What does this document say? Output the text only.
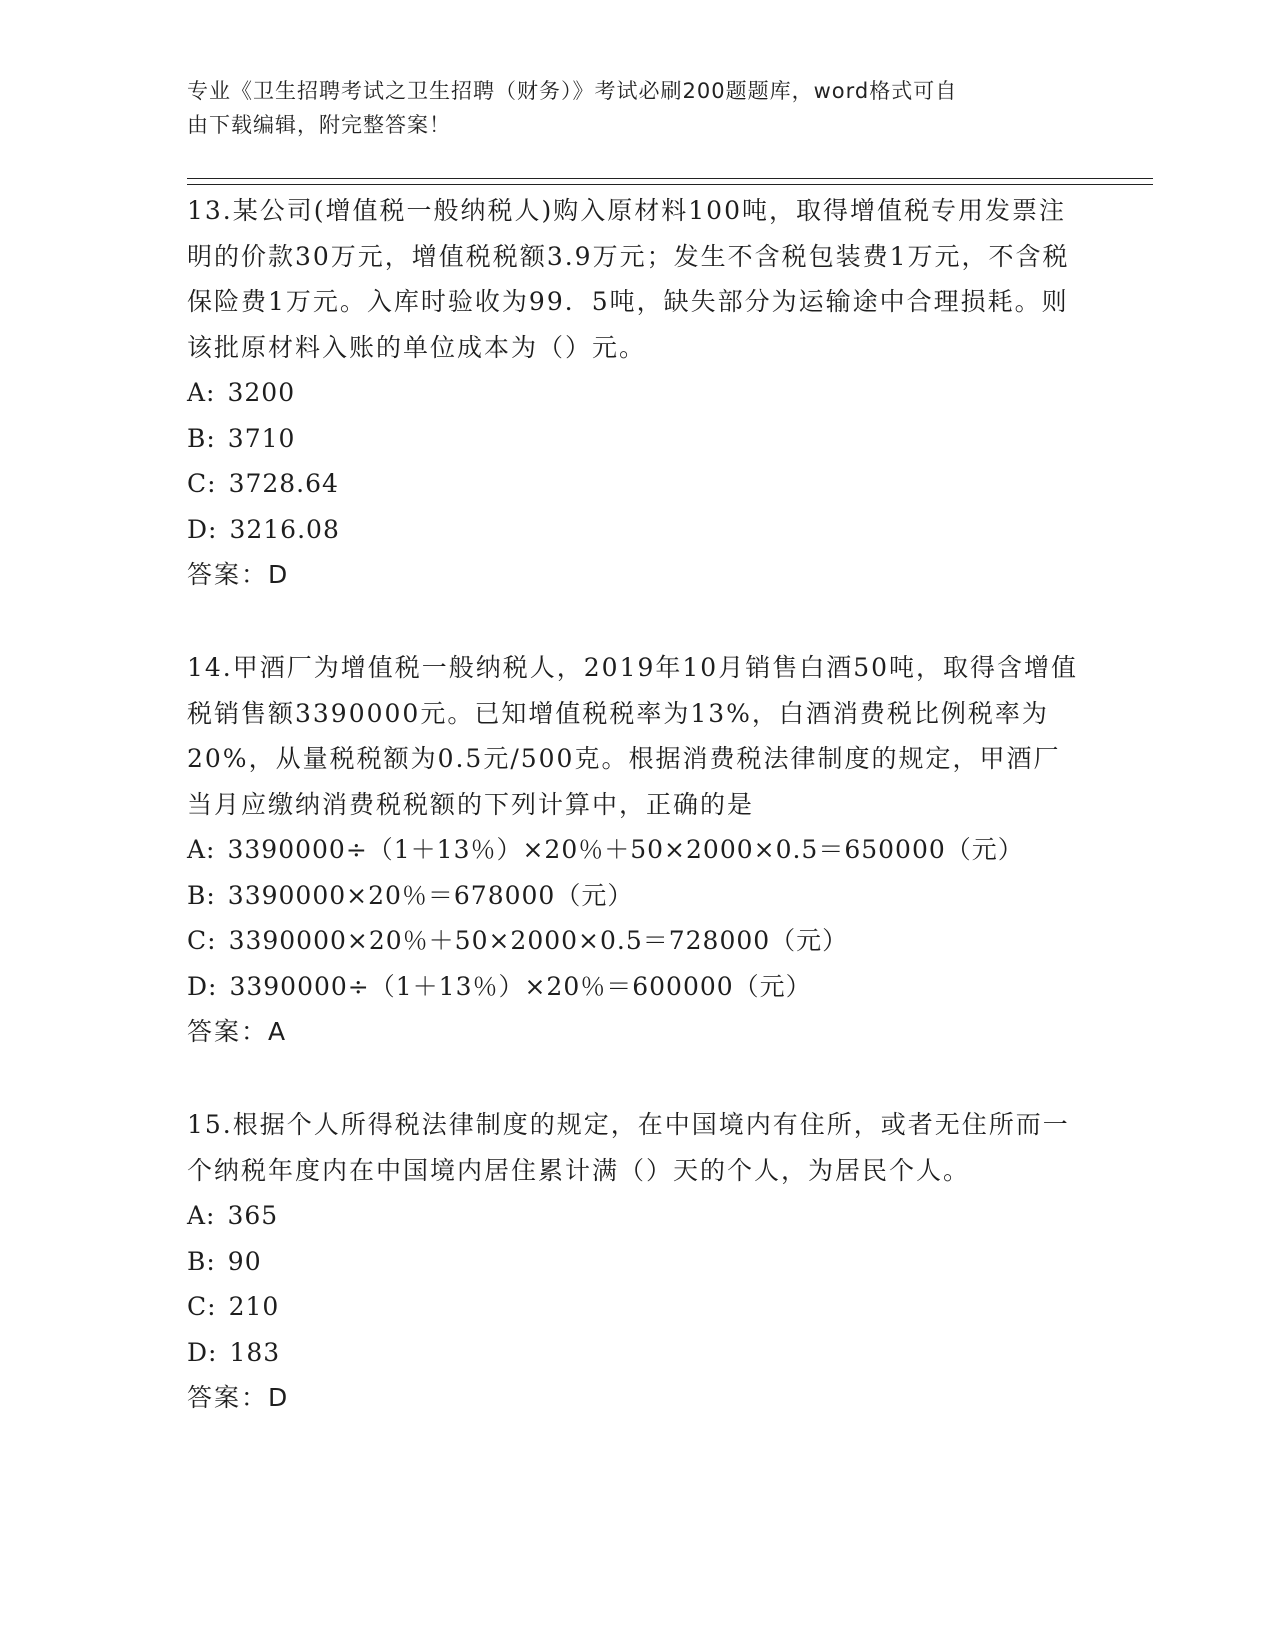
专业《卫生招聘考试之卫生招聘（财务）》考试必刷200题题库，word格式可自
由下载编辑，附完整答案！

13.某公司(增值税一般纳税人)购入原材料100吨，取得增值税专用发票注明的价款30万元，增值税税额3.9万元；发生不含税包装费1万元，不含税保险费1万元。入库时验收为99．5吨，缺失部分为运输途中合理损耗。则该批原材料入账的单位成本为（）元。

A: 3200
B: 3710
C: 3728.64
D: 3216.08
答案：D

14.甲酒厂为增值税一般纳税人，2019年10月销售白酒50吨，取得含增值税销售额3390000元。已知增值税税率为13%，白酒消费税比例税率为20%，从量税税额为0.5元/500克。根据消费税法律制度的规定，甲酒厂当月应缴纳消费税税额的下列计算中，正确的是

A: 3390000÷（1＋13％）×20％＋50×2000×0.5＝650000（元）
B: 3390000×20％＝678000（元）
C: 3390000×20％＋50×2000×0.5＝728000（元）
D: 3390000÷（1＋13％）×20％＝600000（元）
答案：A

15.根据个人所得税法律制度的规定，在中国境内有住所，或者无住所而一个纳税年度内在中国境内居住累计满（）天的个人，为居民个人。

A: 365
B: 90
C: 210
D: 183
答案：D
